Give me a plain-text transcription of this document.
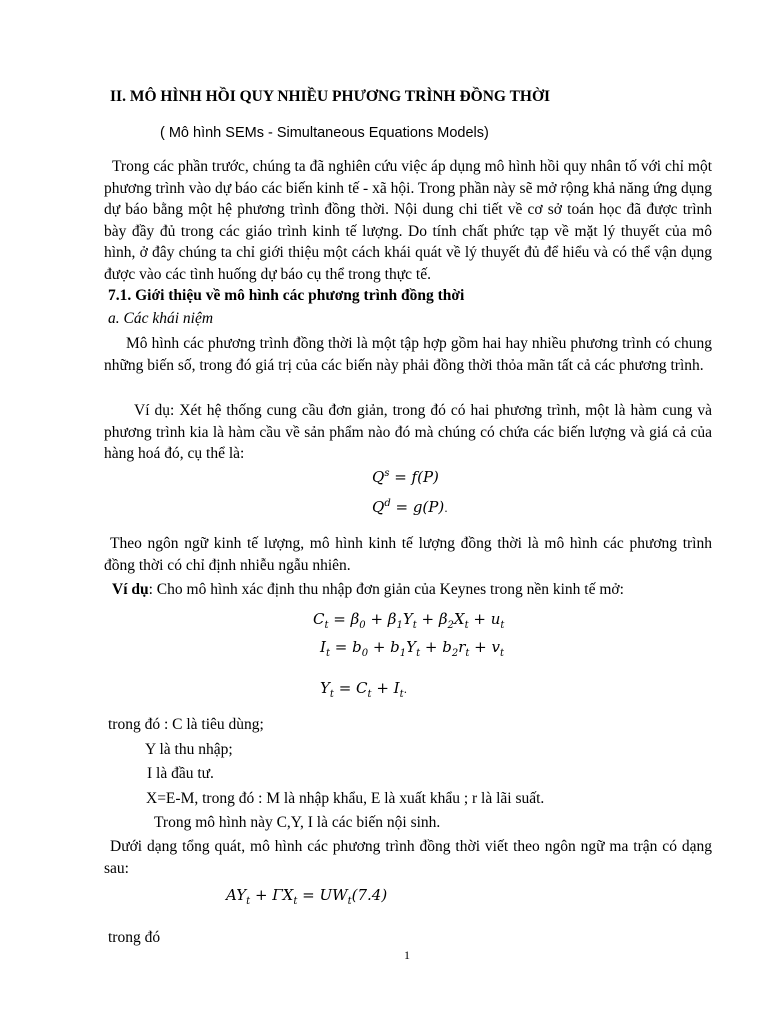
II. MÔ HÌNH HỒI QUY NHIỀU PHƯƠNG TRÌNH ĐỒNG THỜI
( Mô hình SEMs - Simultaneous Equations Models)

Trong các phần trước, chúng ta đã nghiên cứu việc áp dụng mô hình hồi quy nhân tố với chỉ một phương trình vào dự báo các biến kinh tế - xã hội. Trong phần này sẽ mở rộng khả năng ứng dụng dự báo bằng một hệ phương trình đồng thời. Nội dung chi tiết về cơ sở toán học đã được trình bày đầy đủ trong các giáo trình kinh tế lượng. Do tính chất phức tạp về mặt lý thuyết của mô hình, ở đây chúng ta chỉ giới thiệu một cách khái quát về lý thuyết đủ để hiểu và có thể vận dụng được vào các tình huống dự báo cụ thể trong thực tế.

7.1. Giới thiệu về mô hình các phương trình đồng thời
a. Các khái niệm

Mô hình các phương trình đồng thời là một tập hợp gồm hai hay nhiều phương trình có chung những biến số, trong đó giá trị của các biến này phải đồng thời thỏa mãn tất cả các phương trình.

Ví dụ: Xét hệ thống cung cầu đơn giản, trong đó có hai phương trình, một là hàm cung và phương trình kia là hàm cầu về sản phẩm nào đó mà chúng có chứa các biến lượng và giá cả của hàng hoá đó, cụ thể là:

$Q^s = f(P)$
$Q^d = g(P)$.

Theo ngôn ngữ kinh tế lượng, mô hình kinh tế lượng đồng thời là mô hình các phương trình đồng thời có chỉ định nhiễu ngẫu nhiên.

Ví dụ: Cho mô hình xác định thu nhập đơn giản của Keynes trong nền kinh tế mở:
$C_t = \beta_0 + \beta_1Y_t + \beta_2X_t + u_t$
$I_t = b_0 + b_1Y_t + b_2r_t + v_t$
$Y_t = C_t + I_t$.
trong đó : C là tiêu dùng;
Y là thu nhập;
I là đầu tư.
X=E-M, trong đó : M là nhập khẩu, E là xuất khẩu ; r là lãi suất.
Trong mô hình này C,Y, I là các biến nội sinh.

Dưới dạng tổng quát, mô hình các phương trình đồng thời viết theo ngôn ngữ ma trận có dạng sau:

$AY_t + \Gamma X_t = UW_t(7.4)$
trong đó
1
